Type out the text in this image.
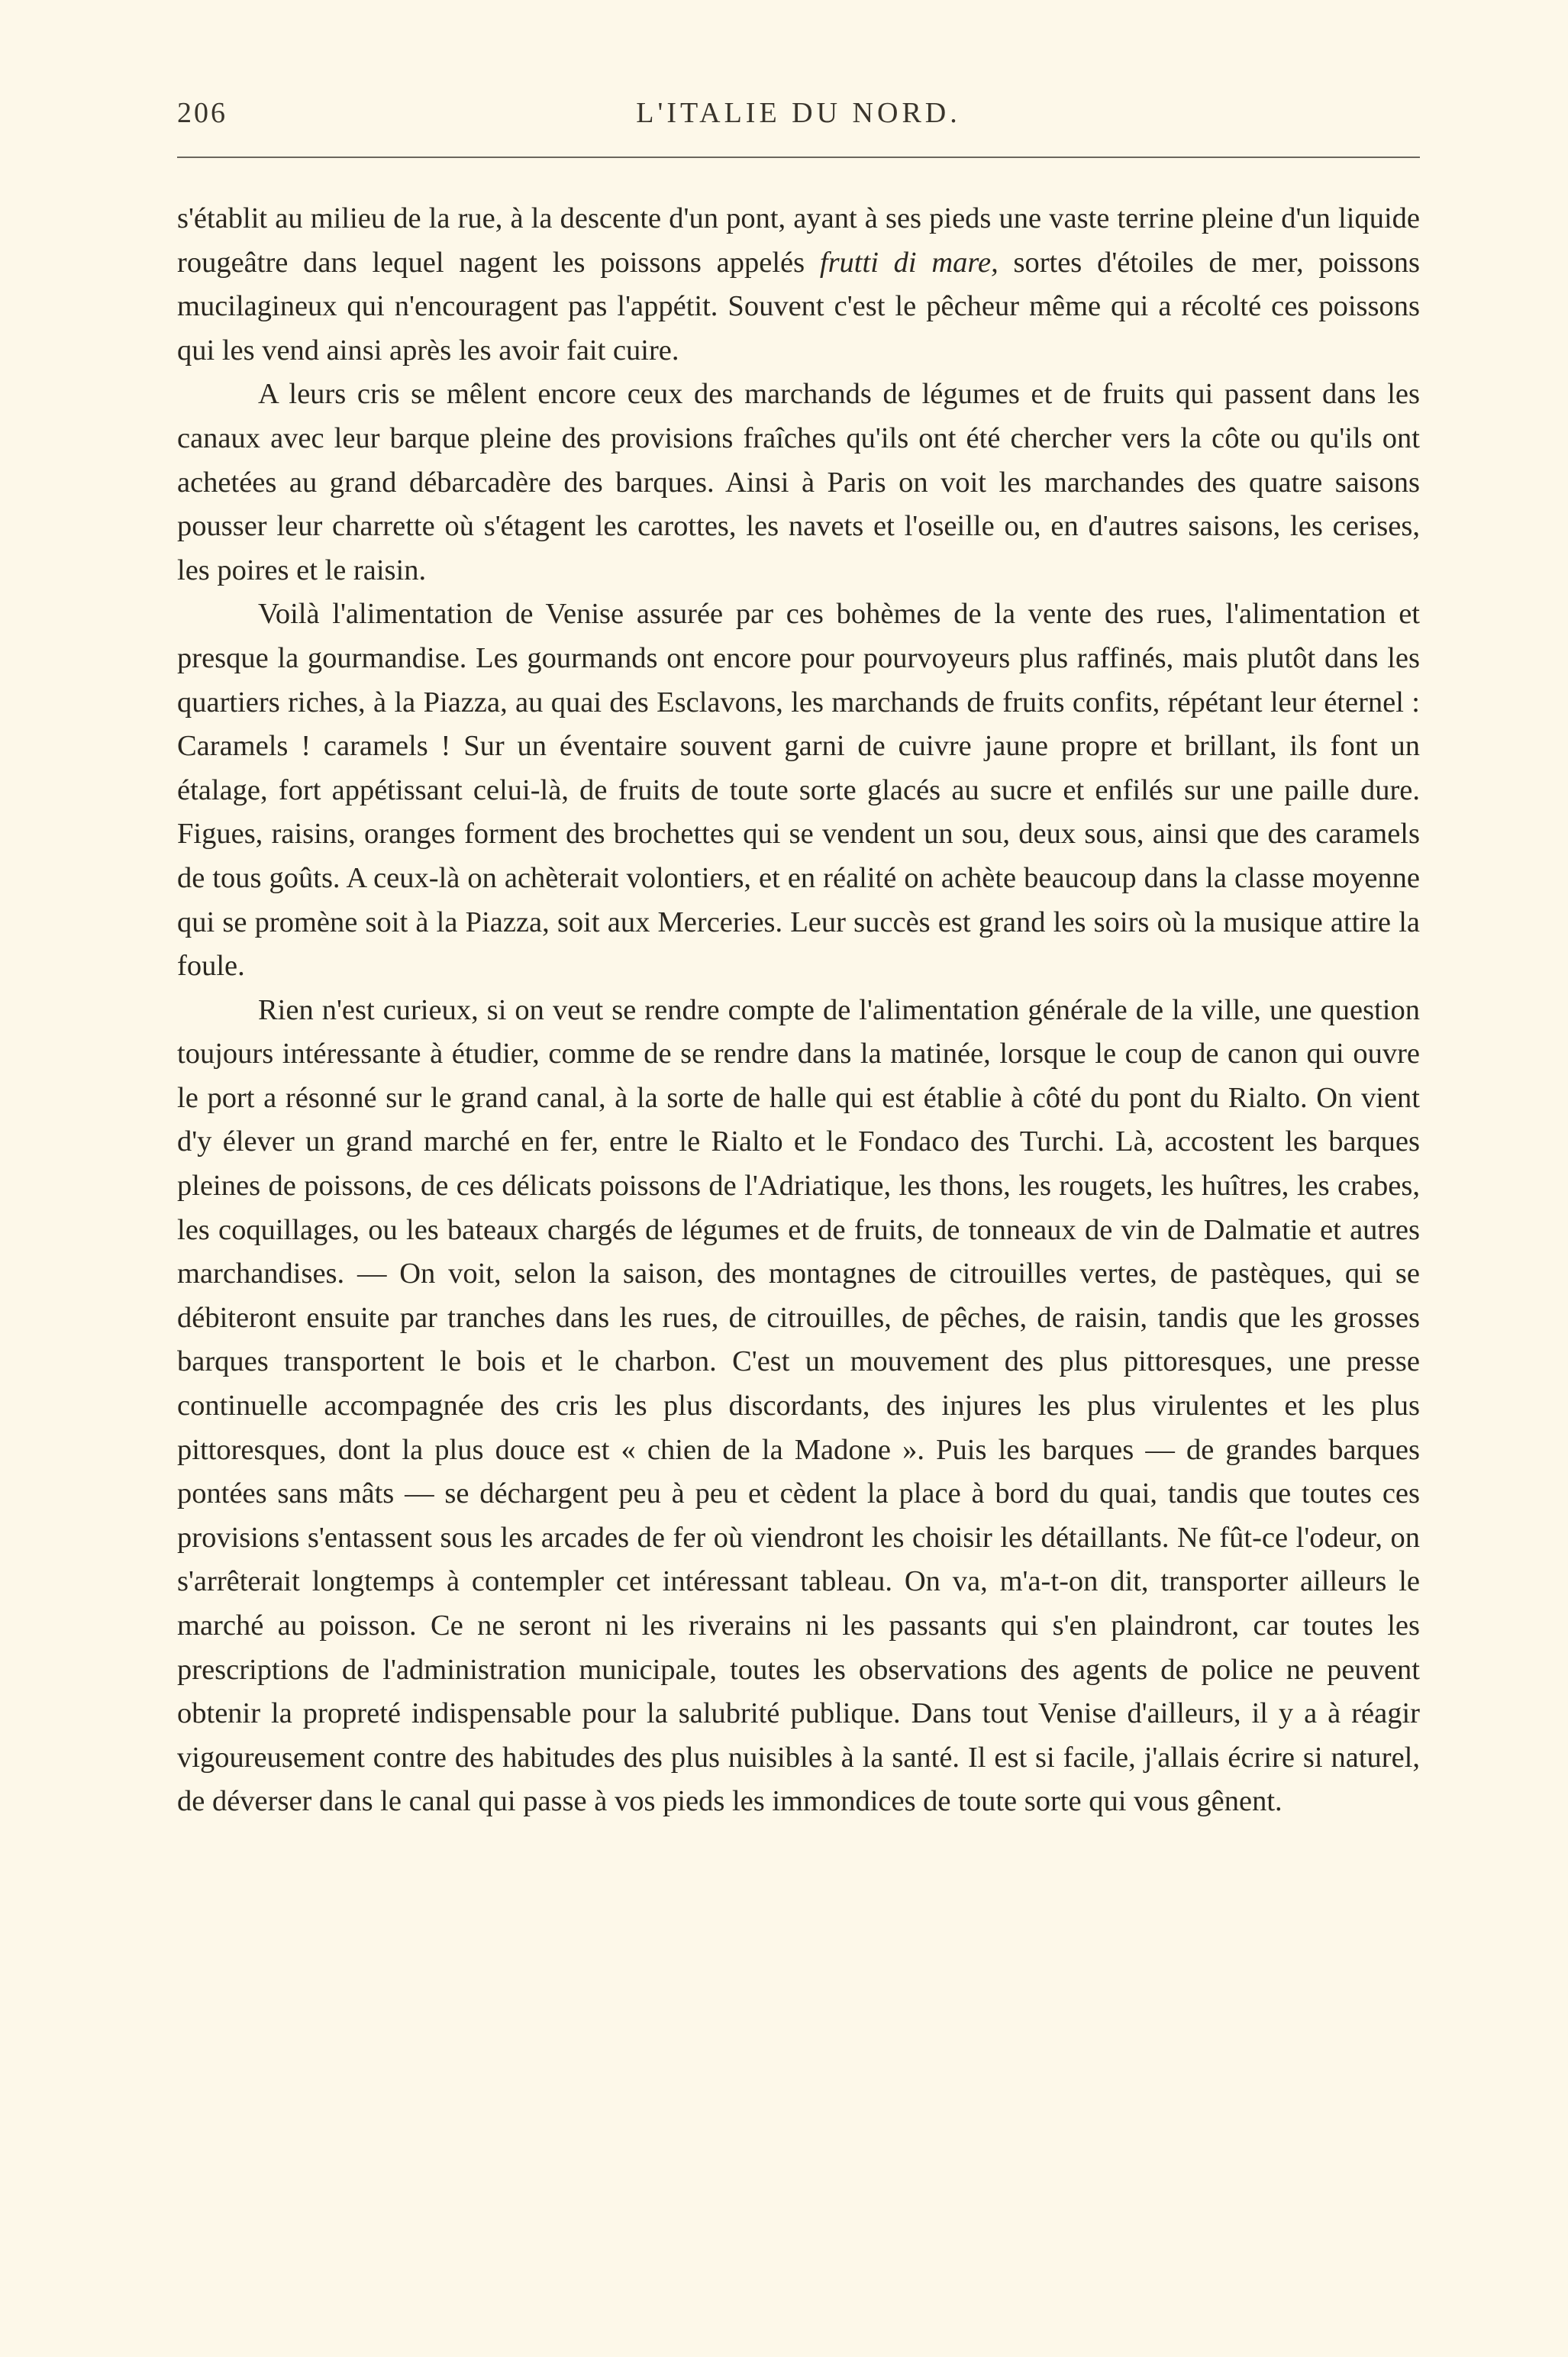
206	L'ITALIE DU NORD.

s'établit au milieu de la rue, à la descente d'un pont, ayant à ses pieds une vaste terrine pleine d'un liquide rougeâtre dans lequel nagent les poissons appelés frutti di mare, sortes d'étoiles de mer, poissons mucilagineux qui n'encouragent pas l'appétit. Souvent c'est le pêcheur même qui a récolté ces poissons qui les vend ainsi après les avoir fait cuire.

A leurs cris se mêlent encore ceux des marchands de légumes et de fruits qui passent dans les canaux avec leur barque pleine des provisions fraîches qu'ils ont été chercher vers la côte ou qu'ils ont achetées au grand débarcadère des barques. Ainsi à Paris on voit les marchandes des quatre saisons pousser leur charrette où s'étagent les carottes, les navets et l'oseille ou, en d'autres saisons, les cerises, les poires et le raisin.

Voilà l'alimentation de Venise assurée par ces bohèmes de la vente des rues, l'alimentation et presque la gourmandise. Les gourmands ont encore pour pourvoyeurs plus raffinés, mais plutôt dans les quartiers riches, à la Piazza, au quai des Esclavons, les marchands de fruits confits, répétant leur éternel : Caramels ! caramels ! Sur un éventaire souvent garni de cuivre jaune propre et brillant, ils font un étalage, fort appétissant celui-là, de fruits de toute sorte glacés au sucre et enfilés sur une paille dure. Figues, raisins, oranges forment des brochettes qui se vendent un sou, deux sous, ainsi que des caramels de tous goûts. A ceux-là on achèterait volontiers, et en réalité on achète beaucoup dans la classe moyenne qui se promène soit à la Piazza, soit aux Merceries. Leur succès est grand les soirs où la musique attire la foule.

Rien n'est curieux, si on veut se rendre compte de l'alimentation générale de la ville, une question toujours intéressante à étudier, comme de se rendre dans la matinée, lorsque le coup de canon qui ouvre le port a résonné sur le grand canal, à la sorte de halle qui est établie à côté du pont du Rialto. On vient d'y élever un grand marché en fer, entre le Rialto et le Fondaco des Turchi. Là, accostent les barques pleines de poissons, de ces délicats poissons de l'Adriatique, les thons, les rougets, les huîtres, les crabes, les coquillages, ou les bateaux chargés de légumes et de fruits, de tonneaux de vin de Dalmatie et autres marchandises. — On voit, selon la saison, des montagnes de citrouilles vertes, de pastèques, qui se débiteront ensuite par tranches dans les rues, de citrouilles, de pêches, de raisin, tandis que les grosses barques transportent le bois et le charbon. C'est un mouvement des plus pittoresques, une presse continuelle accompagnée des cris les plus discordants, des injures les plus virulentes et les plus pittoresques, dont la plus douce est « chien de la Madone ». Puis les barques — de grandes barques pontées sans mâts — se déchargent peu à peu et cèdent la place à bord du quai, tandis que toutes ces provisions s'entassent sous les arcades de fer où viendront les choisir les détaillants. Ne fût-ce l'odeur, on s'arrêterait longtemps à contempler cet intéressant tableau. On va, m'a-t-on dit, transporter ailleurs le marché au poisson. Ce ne seront ni les riverains ni les passants qui s'en plaindront, car toutes les prescriptions de l'administration municipale, toutes les observations des agents de police ne peuvent obtenir la propreté indispensable pour la salubrité publique. Dans tout Venise d'ailleurs, il y a à réagir vigoureusement contre des habitudes des plus nuisibles à la santé. Il est si facile, j'allais écrire si naturel, de déverser dans le canal qui passe à vos pieds les immondices de toute sorte qui vous gênent.
